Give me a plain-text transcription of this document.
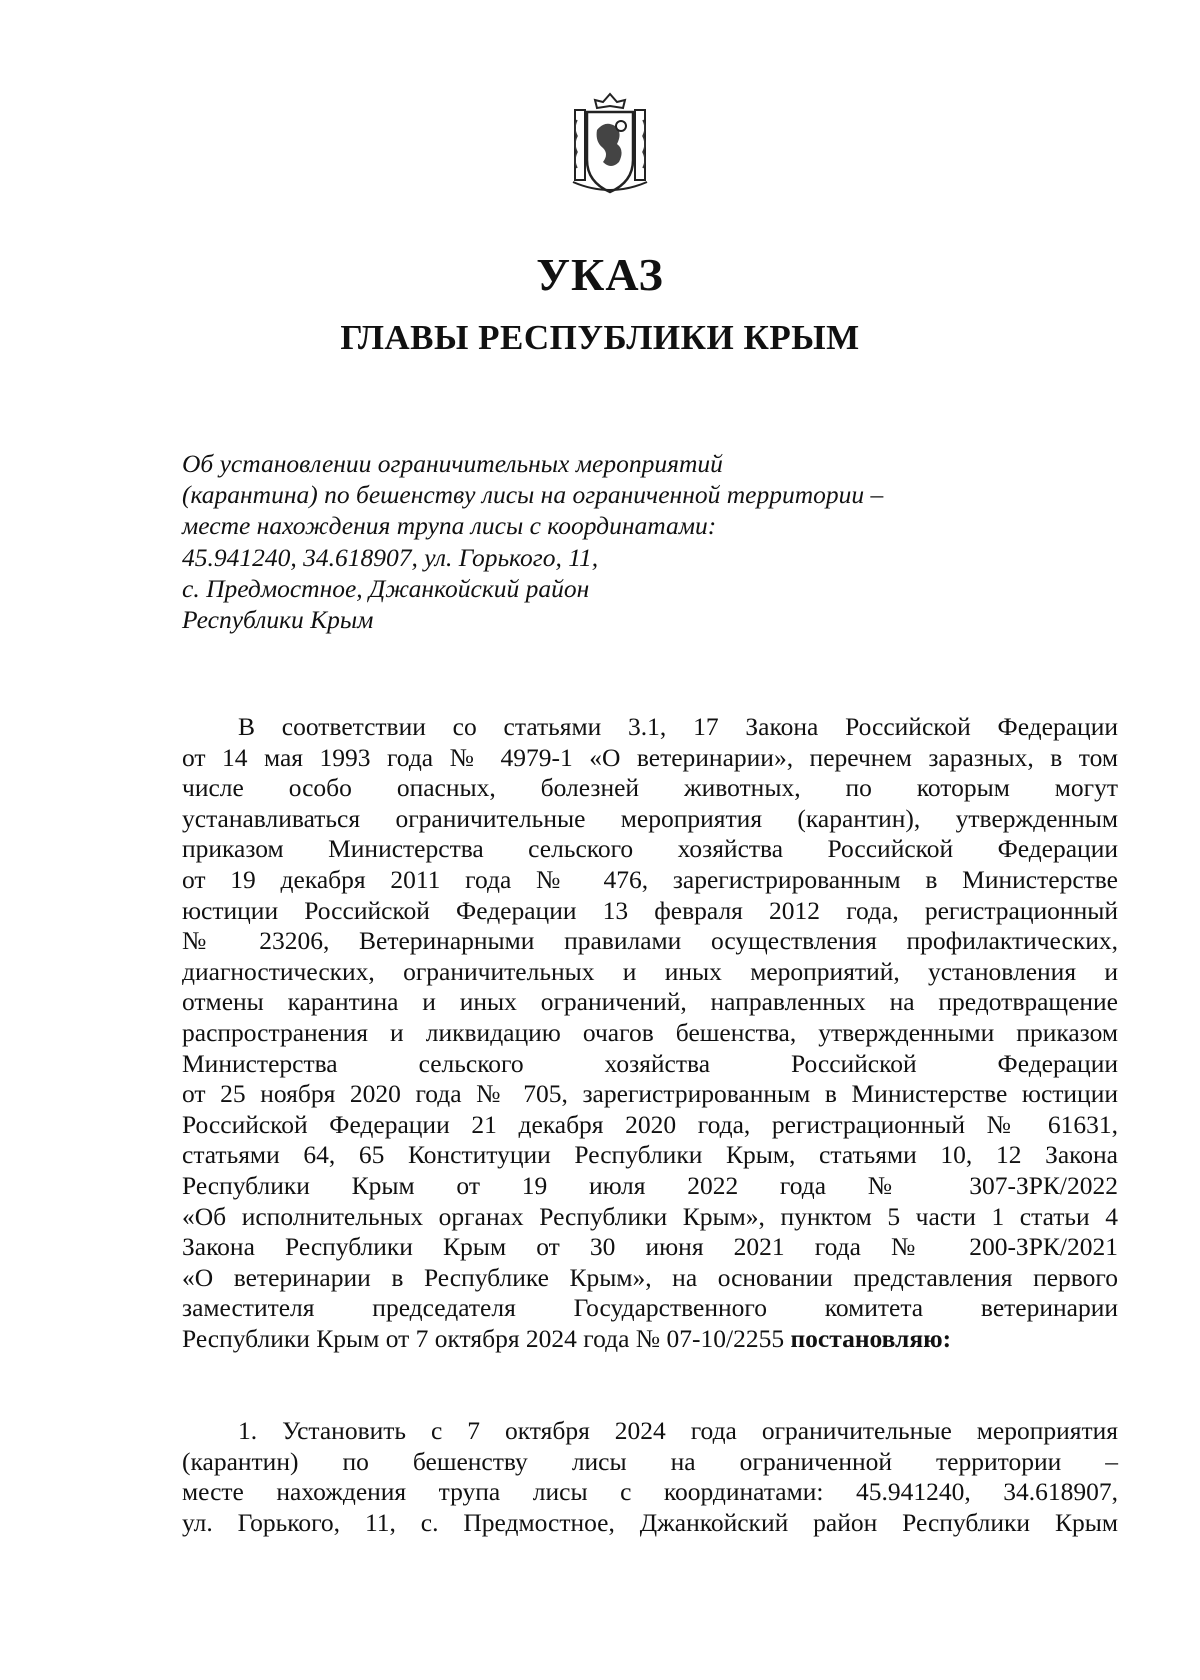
УКАЗ
ГЛАВЫ РЕСПУБЛИКИ КРЫМ
Об установлении ограничительных мероприятий
(карантина) по бешенству лисы на ограниченной территории –
месте нахождения трупа лисы с координатами:
45.941240, 34.618907, ул. Горького, 11,
с. Предмостное, Джанкойский район
Республики Крым
В соответствии со статьями 3.1, 17 Закона Российской Федерации
от 14 мая 1993 года № 4979-1 «О ветеринарии», перечнем заразных, в том
числе особо опасных, болезней животных, по которым могут
устанавливаться ограничительные мероприятия (карантин), утвержденным
приказом Министерства сельского хозяйства Российской Федерации
от 19 декабря 2011 года № 476, зарегистрированным в Министерстве
юстиции Российской Федерации 13 февраля 2012 года, регистрационный
№ 23206, Ветеринарными правилами осуществления профилактических,
диагностических, ограничительных и иных мероприятий, установления и
отмены карантина и иных ограничений, направленных на предотвращение
распространения и ликвидацию очагов бешенства, утвержденными приказом
Министерства сельского хозяйства Российской Федерации
от 25 ноября 2020 года № 705, зарегистрированным в Министерстве юстиции
Российской Федерации 21 декабря 2020 года, регистрационный № 61631,
статьями 64, 65 Конституции Республики Крым, статьями 10, 12 Закона
Республики Крым от 19 июля 2022 года № 307-ЗРК/2022
«Об исполнительных органах Республики Крым», пунктом 5 части 1 статьи 4
Закона Республики Крым от 30 июня 2021 года № 200-ЗРК/2021
«О ветеринарии в Республике Крым», на основании представления первого
заместителя председателя Государственного комитета ветеринарии
Республики Крым от 7 октября 2024 года № 07-10/2255 постановляю:
1. Установить с 7 октября 2024 года ограничительные мероприятия
(карантин) по бешенству лисы на ограниченной территории –
месте нахождения трупа лисы с координатами: 45.941240, 34.618907,
ул. Горького, 11, с. Предмостное, Джанкойский район Республики Крым
